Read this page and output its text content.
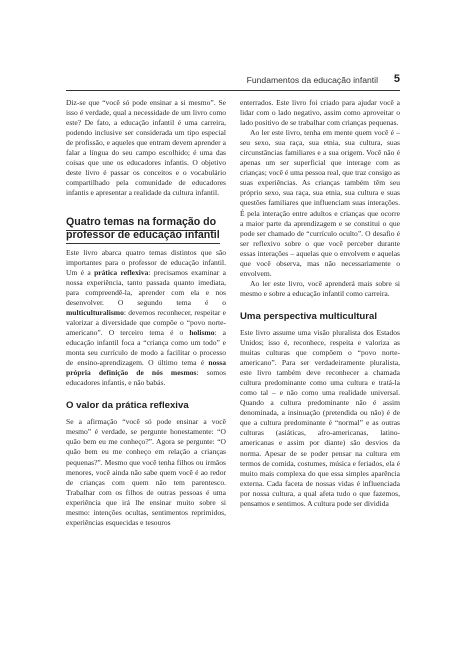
Fundamentos da educação infantil 5

Diz-se que “você só pode ensinar a si mesmo”. Se isso é verdade, qual a necessidade de um livro como este? De fato, a educação infantil é uma carreira, podendo inclusive ser considerada um tipo especial de profissão, e aqueles que entram devem aprender a falar a língua do seu campo escolhido; é uma das coisas que une os educadores infantis. O objetivo deste livro é passar os conceitos e o vocabulário compartilhado pela comunidade de educadores infantis e apresentar a realidade da cultura infantil.

Quatro temas na formação do professor de educação infantil

Este livro abarca quatro temas distintos que são importantes para o professor de educação infantil. Um é a prática reflexiva: precisamos examinar a nossa experiência, tanto passada quanto imediata, para compreendê-la, aprender com ela e nos desenvolver. O segundo tema é o multiculturalismo: devemos reconhecer, respeitar e valorizar a diversidade que compõe o “povo norte-americano”. O terceiro tema é o holismo: a educação infantil foca a “criança como um todo” e monta seu currículo de modo a facilitar o processo de ensino-aprendizagem. O último tema é nossa própria definição de nós mesmos: somos educadores infantis, e não babás.

O valor da prática reflexiva

Se a afirmação “você só pode ensinar a você mesmo” é verdade, se pergunte honestamente: “O quão bem eu me conheço?”. Agora se pergunte: “O quão bem eu me conheço em relação a crianças pequenas?”. Mesmo que você tenha filhos ou irmãos menores, você ainda não sabe quem você é ao redor de crianças com quem não tem parentesco. Trabalhar com os filhos de outras pessoas é uma experiência que irá lhe ensinar muito sobre si mesmo: intenções ocultas, sentimentos reprimidos, experiências esquecidas e tesouros

enterrados. Este livro foi criado para ajudar você a lidar com o lado negativo, assim como aproveitar o lado positivo de se trabalhar com crianças pequenas.

Ao ler este livro, tenha em mente quem você é – seu sexo, sua raça, sua etnia, sua cultura, suas circunstâncias familiares e a sua origem. Você não é apenas um ser superficial que interage com as crianças; você é uma pessoa real, que traz consigo as suas experiências. As crianças também têm seu próprio sexo, sua raça, sua etnia, sua cultura e suas questões familiares que influenciam suas interações. É pela interação entre adultos e crianças que ocorre a maior parte da aprendizagem e se constitui o que pode ser chamado de “currículo oculto”. O desafio é ser reflexivo sobre o que você perceber durante essas interações – aquelas que o envolvem e aquelas que você observa, mas não necessariamente o envolvem.

Ao ler este livro, você aprenderá mais sobre si mesmo e sobre a educação infantil como carreira.

Uma perspectiva multicultural

Este livro assume uma visão pluralista dos Estados Unidos; isso é, reconhece, respeita e valoriza as muitas culturas que compõem o “povo norte-americano”. Para ser verdadeiramente pluralista, este livro também deve reconhecer a chamada cultura predominante como uma cultura e tratá-la como tal – e não como uma realidade universal. Quando a cultura predominante não é assim denominada, a insinuação (pretendida ou não) é de que a cultura predominante é “normal” e as outras culturas (asiáticas, afro-americanas, latino-americanas e assim por diante) são desvios da norma. Apesar de se poder pensar na cultura em termos de comida, costumes, música e feriados, ela é muito mais complexa do que essa simples aparência externa. Cada faceta de nossas vidas é influenciada por nossa cultura, a qual afeta tudo o que fazemos, pensamos e sentimos. A cultura pode ser dividida
